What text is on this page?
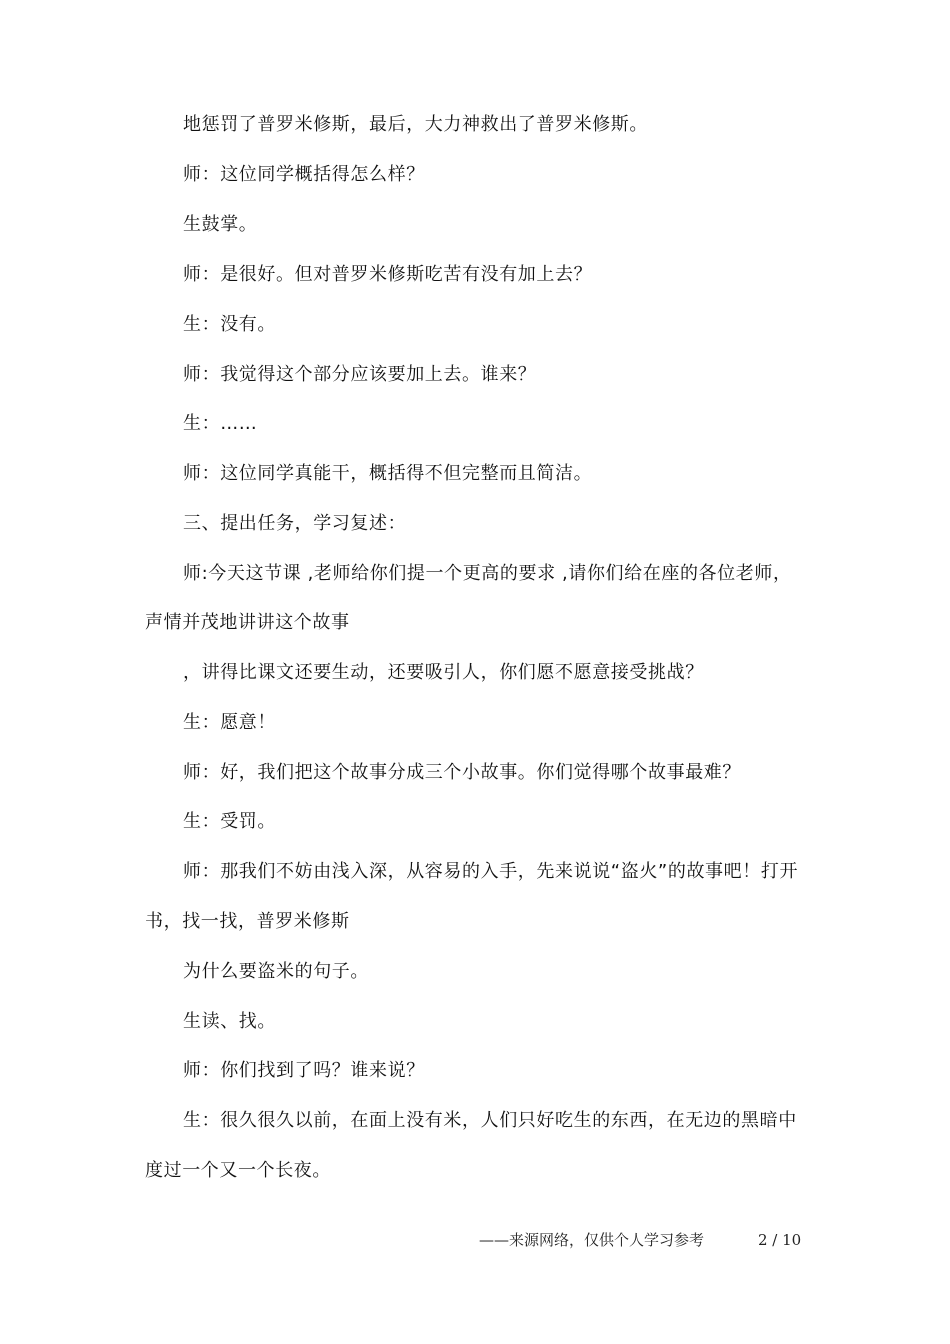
地惩罚了普罗米修斯，最后，大力神救出了普罗米修斯。
师：这位同学概括得怎么样？
生鼓掌。
师：是很好。但对普罗米修斯吃苦有没有加上去？
生：没有。
师：我觉得这个部分应该要加上去。谁来？
生：……
师：这位同学真能干，概括得不但完整而且简洁。
三、提出任务，学习复述：
师:今天这节课 ,老师给你们提一个更高的要求 ,请你们给在座的各位老师，
声情并茂地讲讲这个故事
，讲得比课文还要生动，还要吸引人，你们愿不愿意接受挑战？
生：愿意！
师：好，我们把这个故事分成三个小故事。你们觉得哪个故事最难？
生：受罚。
师：那我们不妨由浅入深，从容易的入手，先来说说“盗火”的故事吧！打开
书，找一找，普罗米修斯
为什么要盗米的句子。
生读、找。
师：你们找到了吗？谁来说？
生：很久很久以前，在面上没有米，人们只好吃生的东西，在无边的黑暗中
度过一个又一个长夜。
——来源网络，仅供个人学习参考	2 / 10
